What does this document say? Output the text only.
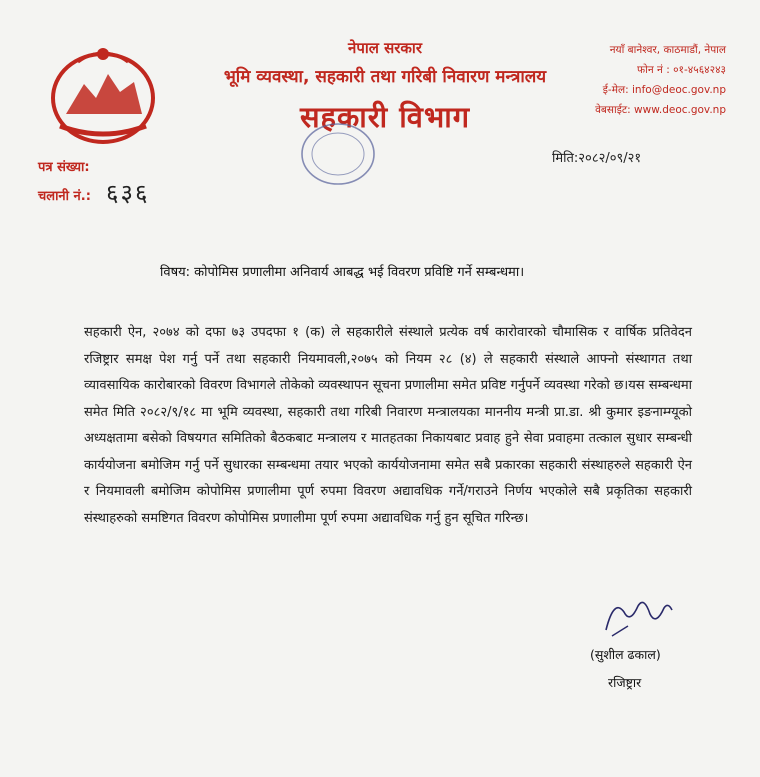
नेपाल सरकार
भूमि व्यवस्था, सहकारी तथा गरिबी निवारण मन्त्रालय
सहकारी विभाग
नयाँ बानेश्वर, काठमाडौं, नेपाल
फोन नं : ०१-४५६४२४३
ई-मेल: info@deoc.gov.np
वेबसाईट: www.deoc.gov.np
पत्र संख्या:
चलानी नं.: ६३६
मिति:२०८२/०९/२१
विषय: कोपोमिस प्रणालीमा अनिवार्य आबद्ध भई विवरण प्रविष्टि गर्ने सम्बन्धमा।
सहकारी ऐन, २०७४ को दफा ७३ उपदफा १ (क) ले सहकारीले संस्थाले प्रत्येक वर्ष कारोवारको चौमासिक र वार्षिक प्रतिवेदन रजिष्ट्रार समक्ष पेश गर्नु पर्ने तथा सहकारी नियमावली,२०७५ को नियम २८ (४) ले सहकारी संस्थाले आफ्नो संस्थागत तथा व्यावसायिक कारोबारको विवरण विभागले तोकेको व्यवस्थापन सूचना प्रणालीमा समेत प्रविष्ट गर्नुपर्ने व्यवस्था गरेको छ।यस सम्बन्धमा समेत मिति २०८२/९/१८ मा भूमि व्यवस्था, सहकारी तथा गरिबी निवारण मन्त्रालयका माननीय मन्त्री प्रा.डा. श्री कुमार इङनाम्ग्यूको अध्यक्षतामा बसेको विषयगत समितिको बैठकबाट मन्त्रालय र मातहतका निकायबाट प्रवाह हुने सेवा प्रवाहमा तत्काल सुधार सम्बन्धी कार्ययोजना बमोजिम गर्नु पर्ने सुधारका सम्बन्धमा तयार भएको कार्ययोजनामा समेत सबै प्रकारका सहकारी संस्थाहरुले सहकारी ऐन र नियमावली बमोजिम कोपोमिस प्रणालीमा पूर्ण रुपमा विवरण अद्यावधिक गर्ने/गराउने निर्णय भएकोले सबै प्रकृतिका सहकारी संस्थाहरुको समष्टिगत विवरण कोपोमिस प्रणालीमा पूर्ण रुपमा अद्यावधिक गर्नु हुन सूचित गरिन्छ।
(सुशील ढकाल)
रजिष्ट्रार
